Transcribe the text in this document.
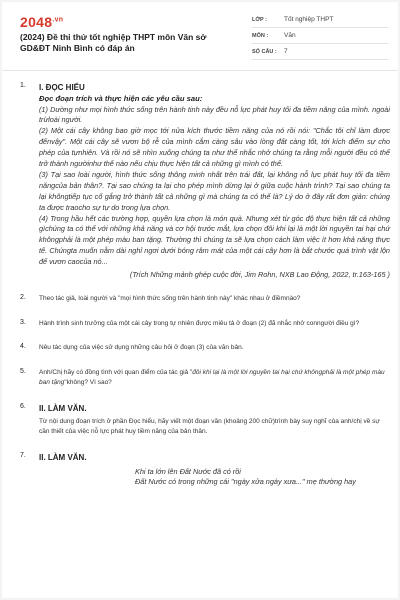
$2048^{.vn}$
(2024) Đề thi thử tốt nghiệp THPT môn Văn sở GD&ĐT Ninh Bình có đáp án
LỚP :	Tốt nghiệp THPT
MÔN :	Văn
SỐ CÂU :	7
1.	I. ĐỌC HIỂU
Đọc đoạn trích và thực hiện các yêu cầu sau:
(1) Dường như mọi hình thức sống trên hành tinh này đều nỗ lực phát huy tối đa tiềm năng của mình. ngoài trừloài người.
(2) Một cái cây không bao giờ mọc tới nửa kích thước tiềm năng của nó rồi nói: "Chắc tôi chỉ làm được đếnvậy". Một cái cây sẽ vươn bộ rễ của mình cắm càng sâu vào lòng đất càng tốt, tới kích điểm sự cho phép của tựnhiên. Và rồi nó sẽ nhìn xuống chúng ta như thể nhắc nhở chúng ta rằng mỗi người đều có thể trở thành ngườinhư thế nào nếu chịu thực hiện tất cả những gì mình có thể.
(3) Tại sao loài người, hình thức sống thông minh nhất trên trái đất, lại không nỗ lực phát huy tối đa tiềm năngcủa bản thân?. Tại sao chúng ta lại cho phép mình dừng lại ở giữa cuộc hành trình? Tại sao chúng ta lại khôngtiếp tục cố gắng trở thành tất cả những gì mà chúng ta có thể là? Lý do ở đây rất đơn giản: chúng ta được traocho sự tự do trong lựa chọn.
(4) Trong hầu hết các trường hợp, quyền lựa chọn là món quà. Nhưng xét từ góc độ thực hiện tất cả những gìchúng ta có thể với những khả năng và cơ hội trước mắt, lựa chọn đôi khi lại là một lời nguyền tai hại chứ khôngphải là một phép màu ban tặng. Thường thì chúng ta sẽ lựa chọn cách làm việc ít hơn khả năng thực tế. Chúngta muốn nằm dài nghỉ ngơi dưới bóng râm mát của một cái cây hơn là bắt chước quá trình vật lộn để vươn caocủa nó...
(Trích Những mảnh ghép cuộc đời, Jim Rohn, NXB Lao Động, 2022, tr.163-165 )
2.	Theo tác giả, loài người và "mọi hình thức sống trên hành tinh này" khác nhau ở điềmnào?
3.	Hành trình sinh trưởng của một cái cây trong tự nhiên được miêu tả ở đoạn (2) đã nhắc nhở conngười điều gì?
4.	Nêu tác dụng của việc sử dụng những câu hỏi ở đoạn (3) của văn bản.
5.	Anh/Chị hãy có đồng tình với quan điểm của tác giả "đôi khi lại là một lời nguyền tai hại chứ khôngphải là một phép màu ban tặng"không? Vì sao?
6.	II. LÀM VĂN.
Từ nội dung đoạn trích ở phần Đọc hiểu, hãy viết một đoạn văn (khoảng 200 chữ)trình bày suy nghĩ của anh/chị về sự cần thiết của việc nỗ lực phát huy tiềm năng của bản thân.
7.	II. LÀM VĂN.
Khi ta lớn lên Đất Nước đã có rồi
Đất Nước có trong những cái "ngày xửa ngày xưa..." mẹ thường hay
